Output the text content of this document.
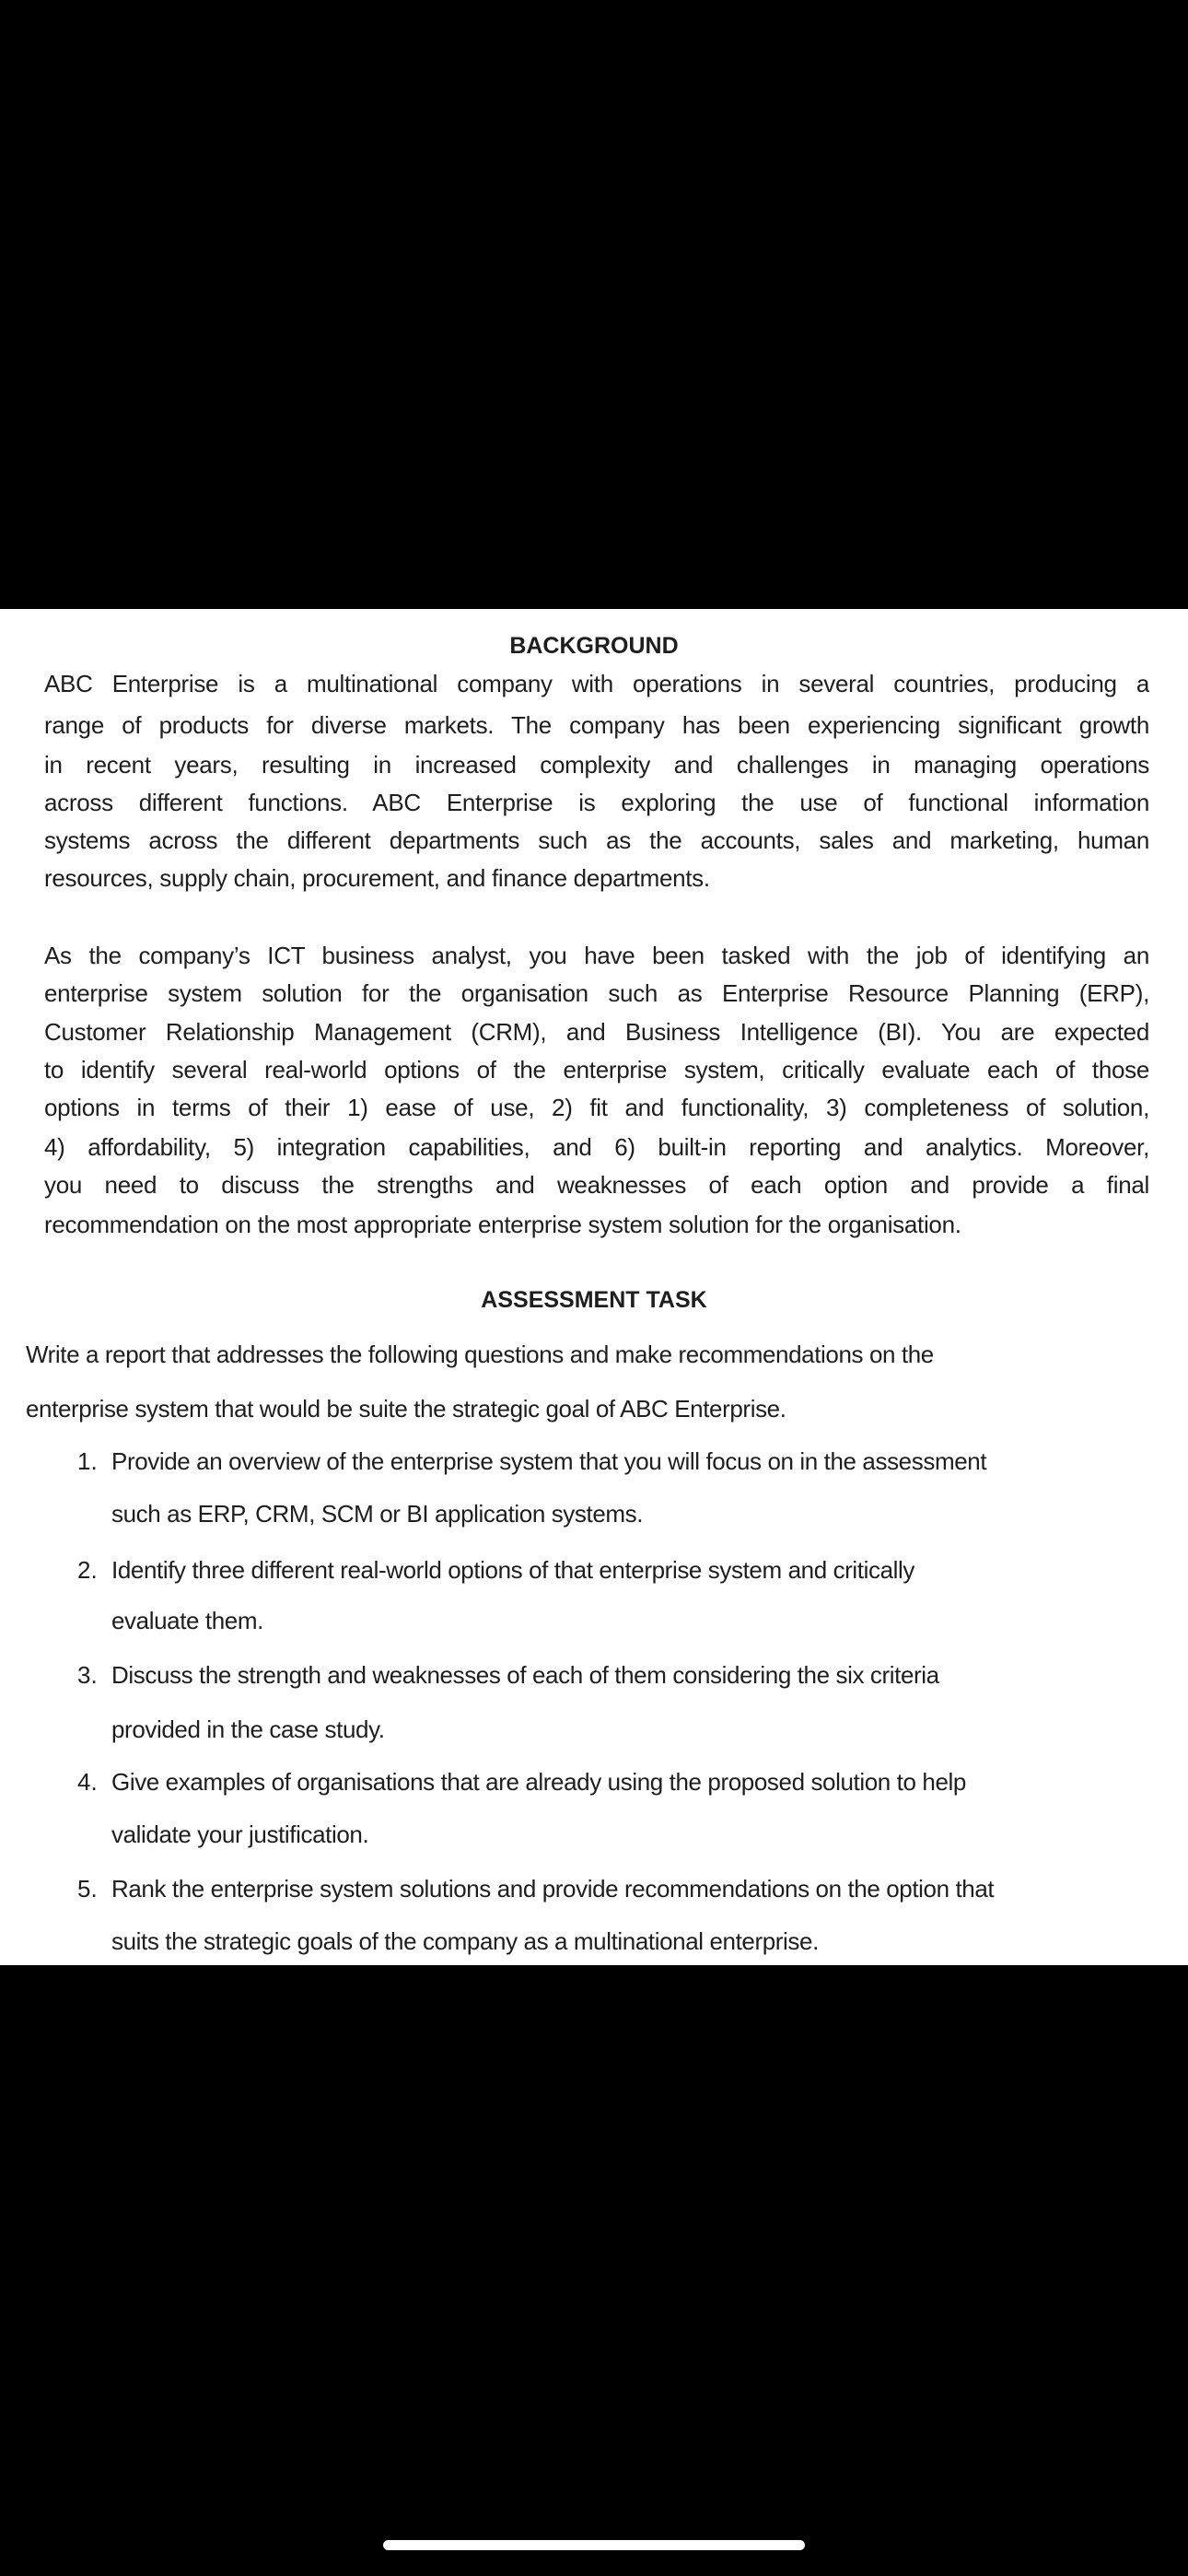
BACKGROUND
ABC Enterprise is a multinational company with operations in several countries, producing a
range of products for diverse markets. The company has been experiencing significant growth
in recent years, resulting in increased complexity and challenges in managing operations
across different functions. ABC Enterprise is exploring the use of functional information
systems across the different departments such as the accounts, sales and marketing, human
resources, supply chain, procurement, and finance departments.
As the company’s ICT business analyst, you have been tasked with the job of identifying an
enterprise system solution for the organisation such as Enterprise Resource Planning (ERP),
Customer Relationship Management (CRM), and Business Intelligence (BI). You are expected
to identify several real-world options of the enterprise system, critically evaluate each of those
options in terms of their 1) ease of use, 2) fit and functionality, 3) completeness of solution,
4) affordability, 5) integration capabilities, and 6) built-in reporting and analytics. Moreover,
you need to discuss the strengths and weaknesses of each option and provide a final
recommendation on the most appropriate enterprise system solution for the organisation.
ASSESSMENT TASK
Write a report that addresses the following questions and make recommendations on the
enterprise system that would be suite the strategic goal of ABC Enterprise.
1. Provide an overview of the enterprise system that you will focus on in the assessment
such as ERP, CRM, SCM or BI application systems.
2. Identify three different real-world options of that enterprise system and critically
evaluate them.
3. Discuss the strength and weaknesses of each of them considering the six criteria
provided in the case study.
4. Give examples of organisations that are already using the proposed solution to help
validate your justification.
5. Rank the enterprise system solutions and provide recommendations on the option that
suits the strategic goals of the company as a multinational enterprise.
